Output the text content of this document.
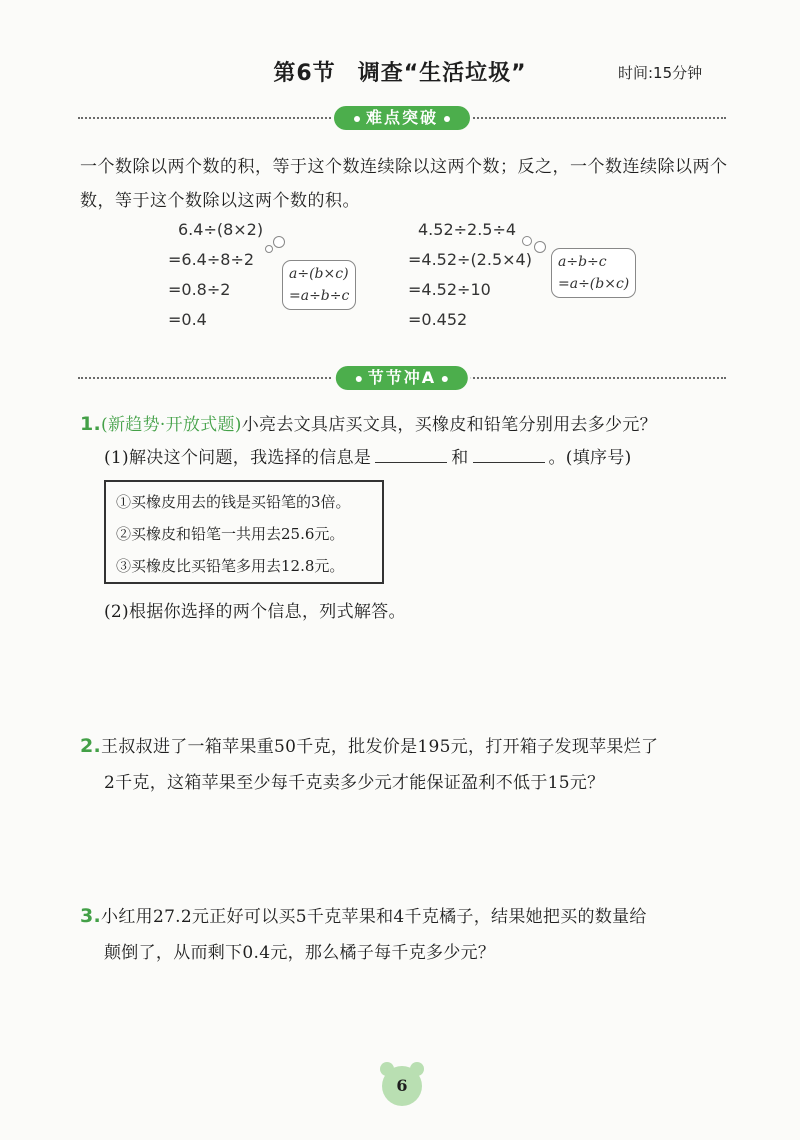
第6节 调查“生活垃圾”	时间:15分钟
难点突破
一个数除以两个数的积，等于这个数连续除以这两个数；反之，一个数连续除以两个数，等于这个数除以这两个数的积。
6.4÷(8×2)
=6.4÷8÷2
=0.8÷2
=0.4
a÷(b×c)
=a÷b÷c
4.52÷2.5÷4
=4.52÷(2.5×4)
=4.52÷10
=0.452
a÷b÷c
=a÷(b×c)
节节冲A
1.(新趋势·开放式题)小亮去文具店买文具，买橡皮和铅笔分别用去多少元？
(1)解决这个问题，我选择的信息是	和	。(填序号)
①买橡皮用去的钱是买铅笔的3倍。
②买橡皮和铅笔一共用去25.6元。
③买橡皮比买铅笔多用去12.8元。
(2)根据你选择的两个信息，列式解答。
2.王叔叔进了一箱苹果重50千克，批发价是195元，打开箱子发现苹果烂了
2千克，这箱苹果至少每千克卖多少元才能保证盈利不低于15元？
3.小红用27.2元正好可以买5千克苹果和4千克橘子，结果她把买的数量给
颠倒了，从而剩下0.4元，那么橘子每千克多少元？
6
